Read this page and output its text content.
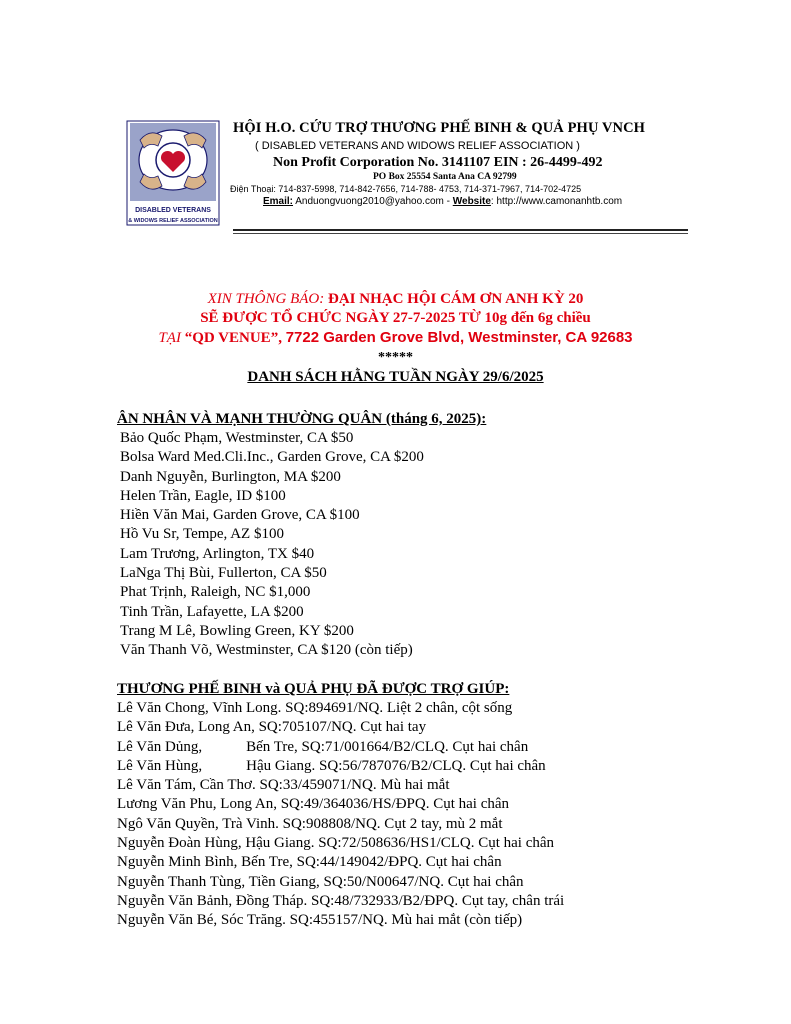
DISABLED VETERANS
& WIDOWS RELIEF ASSOCIATION
HỘI H.O. CỨU TRỢ THƯƠNG PHẾ BINH & QUẢ PHỤ VNCH
( DISABLED VETERANS AND WIDOWS RELIEF ASSOCIATION )
Non Profit Corporation No. 3141107 EIN : 26-4499-492
PO Box 25554 Santa Ana CA 92799
Điện Thoại: 714-837-5998, 714-842-7656, 714-788- 4753, 714-371-7967, 714-702-4725
Email: Anduongvuong2010@yahoo.com - Website: http://www.camonanhtb.com
XIN THÔNG BÁO: ĐẠI NHẠC HỘI CÁM ƠN ANH KỲ 20
SẼ ĐƯỢC TỔ CHỨC NGÀY 27-7-2025 TỪ 10g đến 6g chiều
TẠI “QD VENUE”, 7722 Garden Grove Blvd, Westminster, CA 92683
*****
DANH SÁCH HẰNG TUẦN NGÀY 29/6/2025
ÂN NHÂN VÀ MẠNH THƯỜNG QUÂN (tháng 6, 2025):
Bảo Quốc Phạm, Westminster, CA $50
Bolsa Ward Med.Cli.Inc., Garden Grove, CA $200
Danh Nguyễn, Burlington, MA $200
Helen Trần, Eagle, ID $100
Hiền Văn Mai, Garden Grove, CA $100
Hồ Vu Sr, Tempe, AZ $100
Lam Trương, Arlington, TX $40
LaNga Thị Bùi, Fullerton, CA $50
Phat Trịnh, Raleigh, NC $1,000
Tinh Trần, Lafayette, LA $200
Trang M Lê, Bowling Green, KY $200
Văn Thanh Võ, Westminster, CA $120 (còn tiếp)
THƯƠNG PHẾ BINH và QUẢ PHỤ ĐÃ ĐƯỢC TRỢ GIÚP:
Lê Văn Chong, Vĩnh Long. SQ:894691/NQ. Liệt 2 chân, cột sống
Lê Văn Đưa, Long An, SQ:705107/NQ. Cụt hai tay
Lê Văn Dủng,	Bến Tre, SQ:71/001664/B2/CLQ. Cụt hai chân
Lê Văn Hùng,	Hậu Giang. SQ:56/787076/B2/CLQ. Cụt hai chân
Lê Văn Tám, Cần Thơ. SQ:33/459071/NQ. Mù hai mắt
Lương Văn Phu, Long An, SQ:49/364036/HS/ĐPQ. Cụt hai chân
Ngô Văn Quyền, Trà Vinh. SQ:908808/NQ. Cụt 2 tay, mù 2 mắt
Nguyễn Đoàn Hùng, Hậu Giang. SQ:72/508636/HS1/CLQ. Cụt hai chân
Nguyễn Minh Bình, Bến Tre, SQ:44/149042/ĐPQ. Cụt hai chân
Nguyễn Thanh Tùng, Tiền Giang, SQ:50/N00647/NQ. Cụt hai chân
Nguyễn Văn Bảnh, Đồng Tháp. SQ:48/732933/B2/ĐPQ. Cụt tay, chân trái
Nguyễn Văn Bé, Sóc Trăng. SQ:455157/NQ. Mù hai mắt (còn tiếp)
